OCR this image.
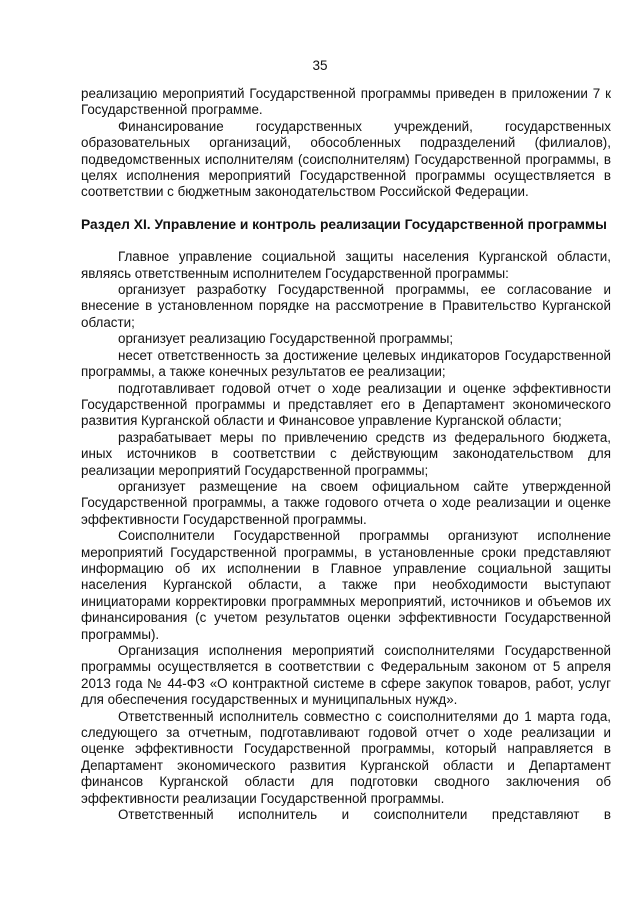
35

реализацию мероприятий Государственной программы приведен в приложении 7 к Государственной программе.

Финансирование государственных учреждений, государственных образовательных организаций, обособленных подразделений (филиалов), подведомственных исполнителям (соисполнителям) Государственной программы, в целях исполнения мероприятий Государственной программы осуществляется в соответствии с бюджетным законодательством Российской Федерации.

Раздел XI. Управление и контроль реализации Государственной программы

Главное управление социальной защиты населения Курганской области, являясь ответственным исполнителем Государственной программы:

организует разработку Государственной программы, ее согласование и внесение в установленном порядке на рассмотрение в Правительство Курганской области;

организует реализацию Государственной программы;

несет ответственность за достижение целевых индикаторов Государственной программы, а также конечных результатов ее реализации;

подготавливает годовой отчет о ходе реализации и оценке эффективности Государственной программы и представляет его в Департамент экономического развития Курганской области и Финансовое управление Курганской области;

разрабатывает меры по привлечению средств из федерального бюджета, иных источников в соответствии с действующим законодательством для реализации мероприятий Государственной программы;

организует размещение на своем официальном сайте утвержденной Государственной программы, а также годового отчета о ходе реализации и оценке эффективности Государственной программы.

Соисполнители Государственной программы организуют исполнение мероприятий Государственной программы, в установленные сроки представляют информацию об их исполнении в Главное управление социальной защиты населения Курганской области, а также при необходимости выступают инициаторами корректировки программных мероприятий, источников и объемов их финансирования (с учетом результатов оценки эффективности Государственной программы).

Организация исполнения мероприятий соисполнителями Государственной программы осуществляется в соответствии с Федеральным законом от 5 апреля 2013 года № 44-ФЗ «О контрактной системе в сфере закупок товаров, работ, услуг для обеспечения государственных и муниципальных нужд».

Ответственный исполнитель совместно с соисполнителями до 1 марта года, следующего за отчетным, подготавливают годовой отчет о ходе реализации и оценке эффективности Государственной программы, который направляется в Департамент экономического развития Курганской области и Департамент финансов Курганской области для подготовки сводного заключения об эффективности реализации Государственной программы.

Ответственный исполнитель и соисполнители представляют в
